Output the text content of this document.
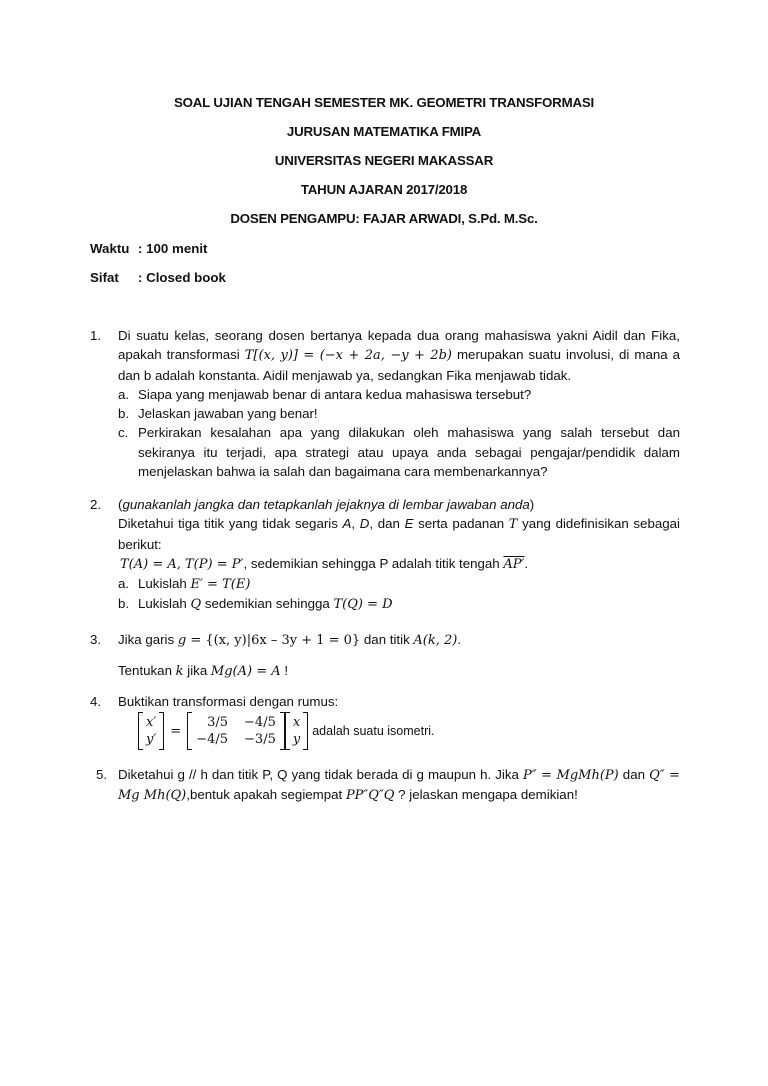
SOAL UJIAN TENGAH SEMESTER MK. GEOMETRI TRANSFORMASI
JURUSAN MATEMATIKA FMIPA
UNIVERSITAS NEGERI MAKASSAR
TAHUN AJARAN 2017/2018
DOSEN PENGAMPU: FAJAR ARWADI, S.Pd. M.Sc.
Waktu : 100 menit
Sifat : Closed book
1. Di suatu kelas, seorang dosen bertanya kepada dua orang mahasiswa yakni Aidil dan Fika, apakah transformasi T[(x, y)] = (−x + 2a, −y + 2b) merupakan suatu involusi, di mana a dan b adalah konstanta. Aidil menjawab ya, sedangkan Fika menjawab tidak.
a. Siapa yang menjawab benar di antara kedua mahasiswa tersebut?
b. Jelaskan jawaban yang benar!
c. Perkirakan kesalahan apa yang dilakukan oleh mahasiswa yang salah tersebut dan sekiranya itu terjadi, apa strategi atau upaya anda sebagai pengajar/pendidik dalam menjelaskan bahwa ia salah dan bagaimana cara membenarkannya?
2. (gunakanlah jangka dan tetapkanlah jejaknya di lembar jawaban anda)
Diketahui tiga titik yang tidak segaris A, D, dan E serta padanan T yang didefinisikan sebagai berikut:
T(A) = A, T(P) = P′, sedemikian sehingga P adalah titik tengah AP′.
a. Lukislah E′ = T(E)
b. Lukislah Q sedemikian sehingga T(Q) = D
3. Jika garis g = {(x, y)|6x – 3y + 1 = 0} dan titik A(k, 2).
Tentukan k jika Mg(A) = A !
4. Buktikan transformasi dengan rumus:
x′
y′
=
3/5 −4/5
−4/5 −3/5
x
y
adalah suatu isometri.
5. Diketahui g // h dan titik P, Q yang tidak berada di g maupun h. Jika P″ = MgMh(P) dan Q″ = Mg Mh(Q),bentuk apakah segiempat PP″Q″Q ? jelaskan mengapa demikian!
